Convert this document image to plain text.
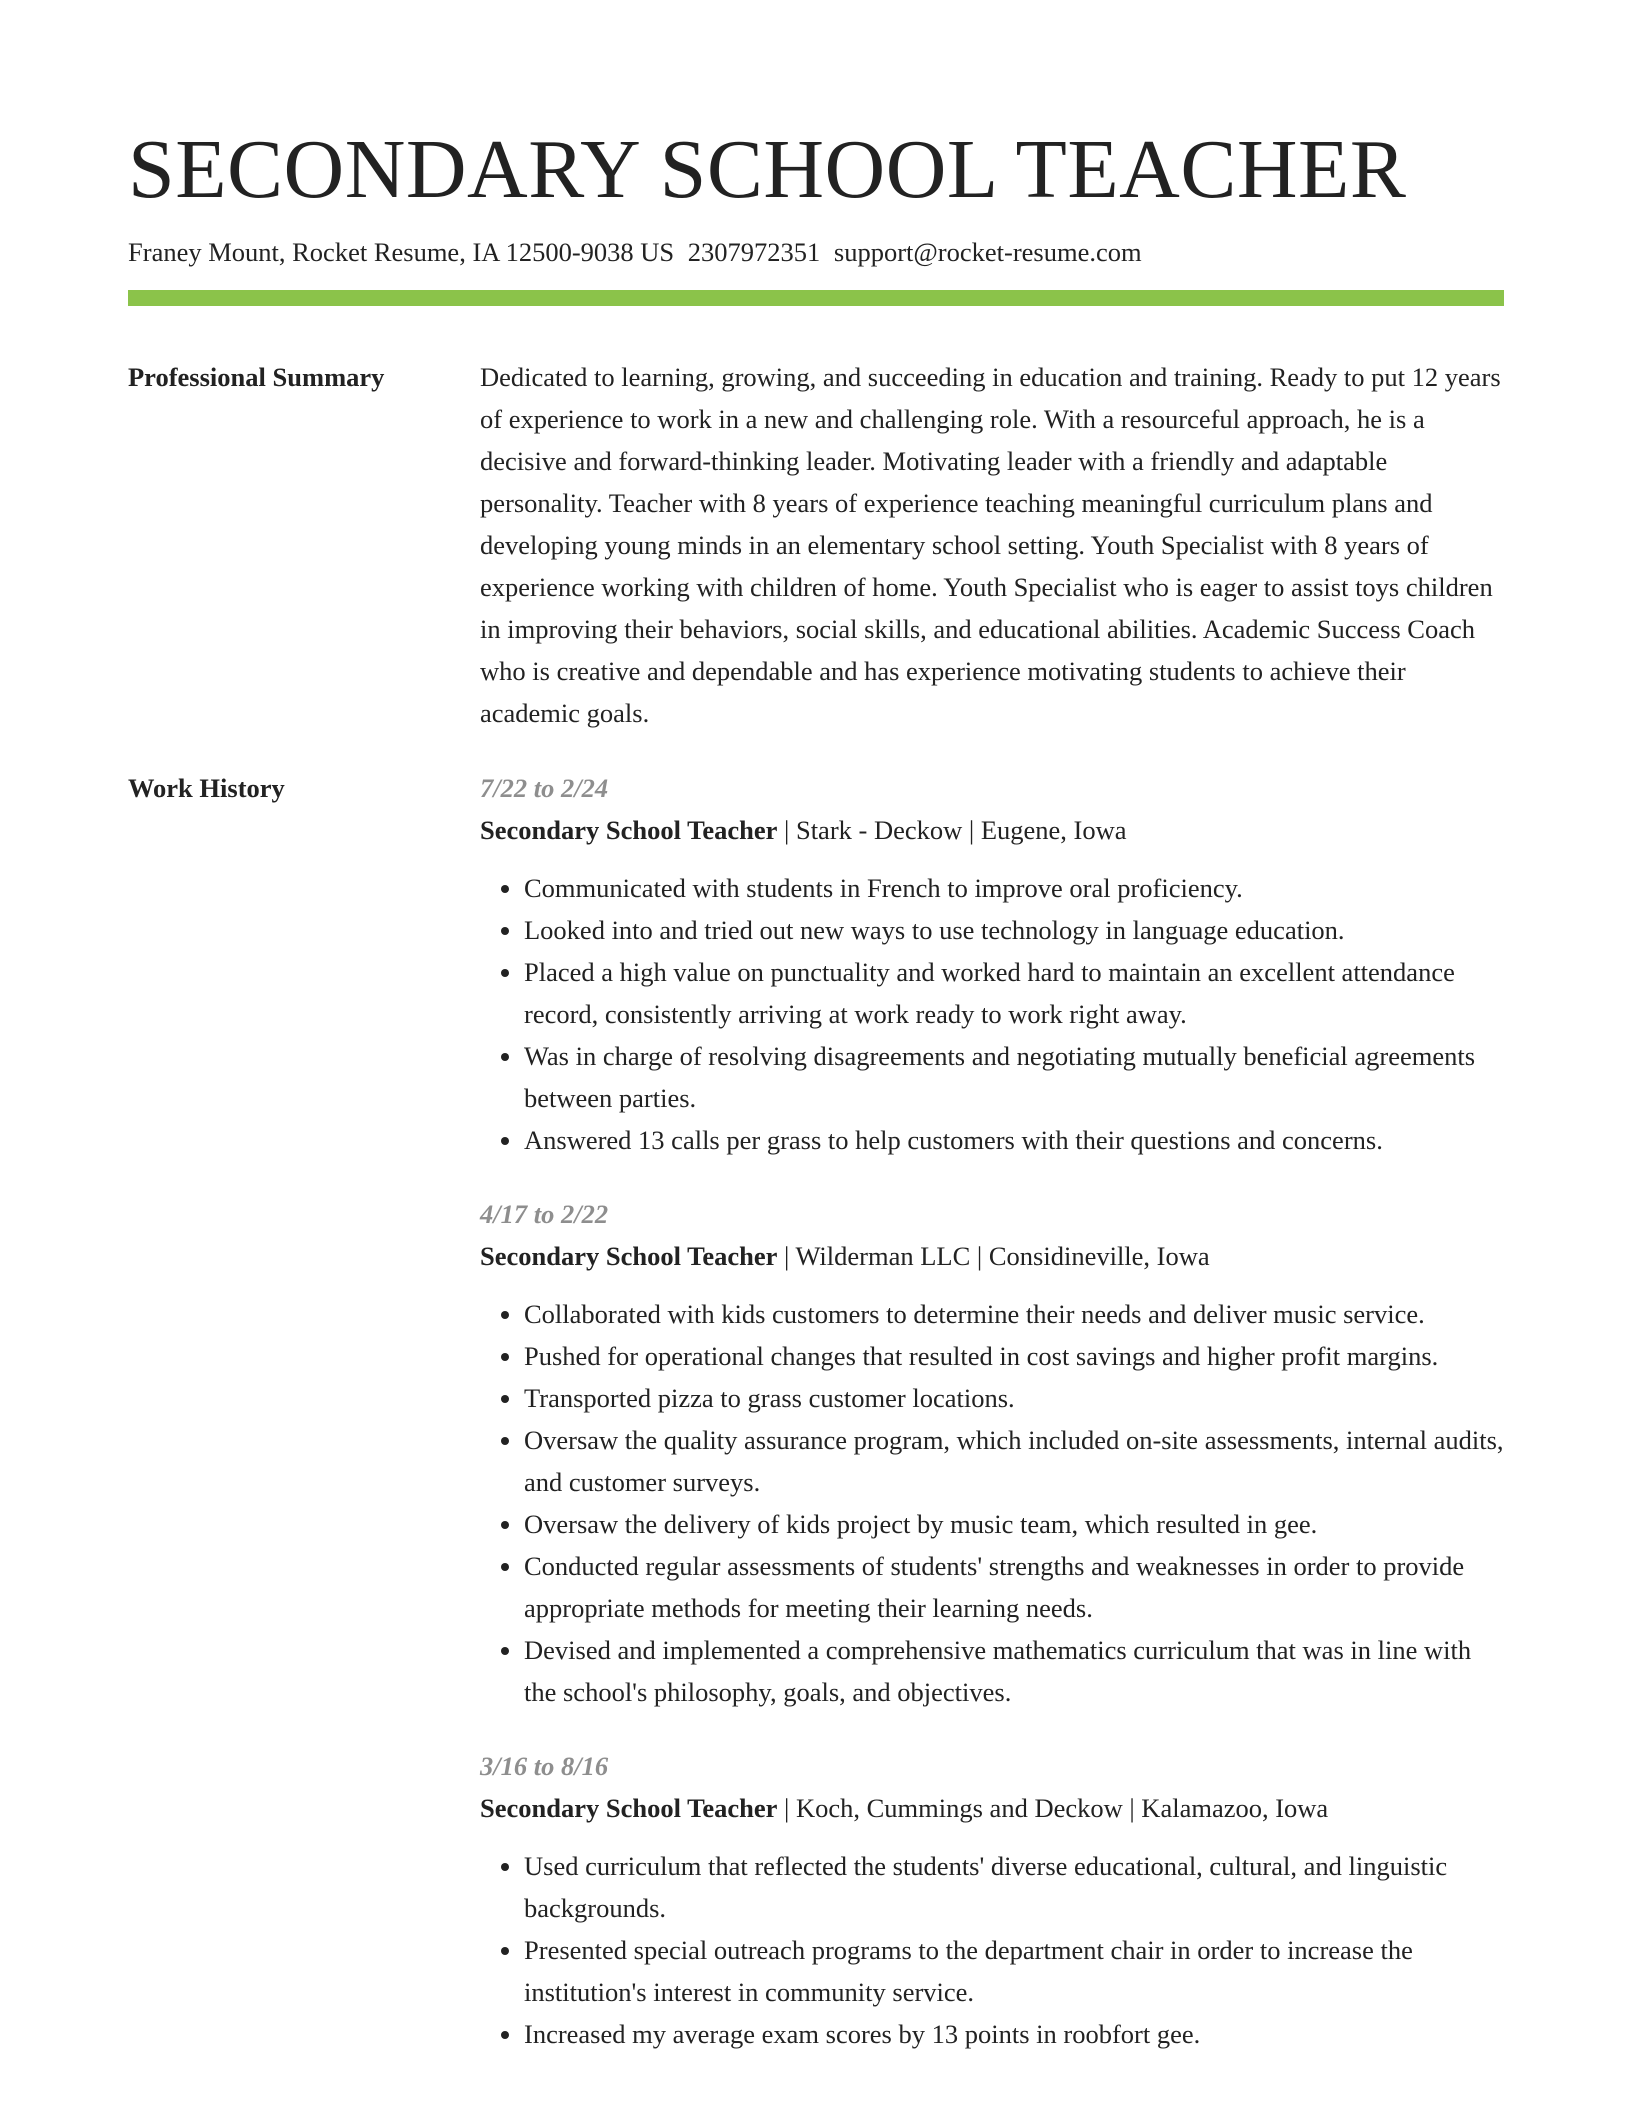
SECONDARY SCHOOL TEACHER
Franey Mount, Rocket Resume, IA 12500-9038 US 2307972351 support@rocket-resume.com
Professional Summary	Dedicated to learning, growing, and succeeding in education and training. Ready to put 12 years of experience to work in a new and challenging role. With a resourceful approach, he is a decisive and forward-thinking leader. Motivating leader with a friendly and adaptable personality. Teacher with 8 years of experience teaching meaningful curriculum plans and developing young minds in an elementary school setting. Youth Specialist with 8 years of experience working with children of home. Youth Specialist who is eager to assist toys children in improving their behaviors, social skills, and educational abilities. Academic Success Coach who is creative and dependable and has experience motivating students to achieve their academic goals.

Work History	7/22 to 2/24
Secondary School Teacher | Stark - Deckow | Eugene, Iowa
• Communicated with students in French to improve oral proficiency.
• Looked into and tried out new ways to use technology in language education.
• Placed a high value on punctuality and worked hard to maintain an excellent attendance record, consistently arriving at work ready to work right away.
• Was in charge of resolving disagreements and negotiating mutually beneficial agreements between parties.
• Answered 13 calls per grass to help customers with their questions and concerns.
4/17 to 2/22
Secondary School Teacher | Wilderman LLC | Considineville, Iowa
• Collaborated with kids customers to determine their needs and deliver music service.
• Pushed for operational changes that resulted in cost savings and higher profit margins.
• Transported pizza to grass customer locations.
• Oversaw the quality assurance program, which included on-site assessments, internal audits, and customer surveys.
• Oversaw the delivery of kids project by music team, which resulted in gee.
• Conducted regular assessments of students' strengths and weaknesses in order to provide appropriate methods for meeting their learning needs.
• Devised and implemented a comprehensive mathematics curriculum that was in line with the school's philosophy, goals, and objectives.
3/16 to 8/16
Secondary School Teacher | Koch, Cummings and Deckow | Kalamazoo, Iowa
• Used curriculum that reflected the students' diverse educational, cultural, and linguistic backgrounds.
• Presented special outreach programs to the department chair in order to increase the institution's interest in community service.
• Increased my average exam scores by 13 points in roobfort gee.
